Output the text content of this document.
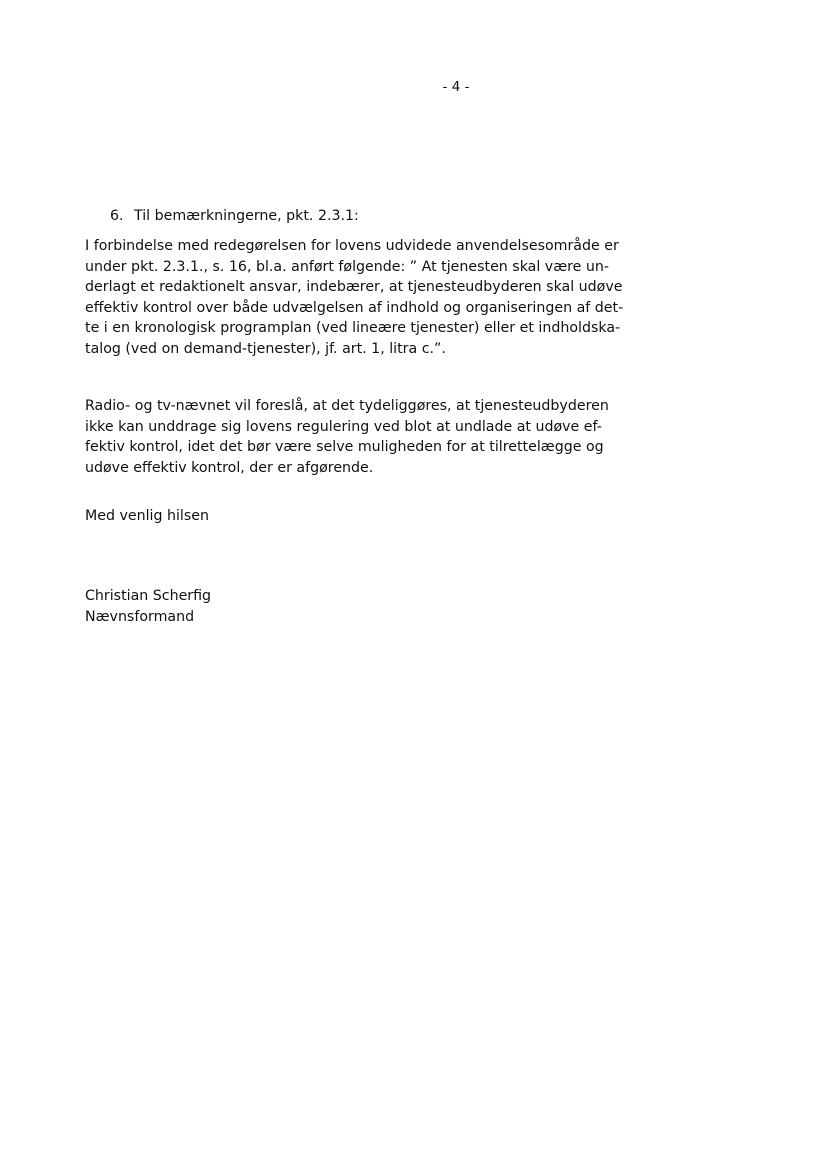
- 4 -
6. Til bemærkningerne, pkt. 2.3.1:
I forbindelse med redegørelsen for lovens udvidede anvendelsesområde er
under pkt. 2.3.1., s. 16, bl.a. anført følgende: ” At tjenesten skal være un-
derlagt et redaktionelt ansvar, indebærer, at tjenesteudbyderen skal udøve
effektiv kontrol over både udvælgelsen af indhold og organiseringen af det-
te i en kronologisk programplan (ved lineære tjenester) eller et indholdska-
talog (ved on demand-tjenester), jf. art. 1, litra c.”.
Radio- og tv-nævnet vil foreslå, at det tydeliggøres, at tjenesteudbyderen
ikke kan unddrage sig lovens regulering ved blot at undlade at udøve ef-
fektiv kontrol, idet det bør være selve muligheden for at tilrettelægge og
udøve effektiv kontrol, der er afgørende.
Med venlig hilsen
Christian Scherfig
Nævnsformand
